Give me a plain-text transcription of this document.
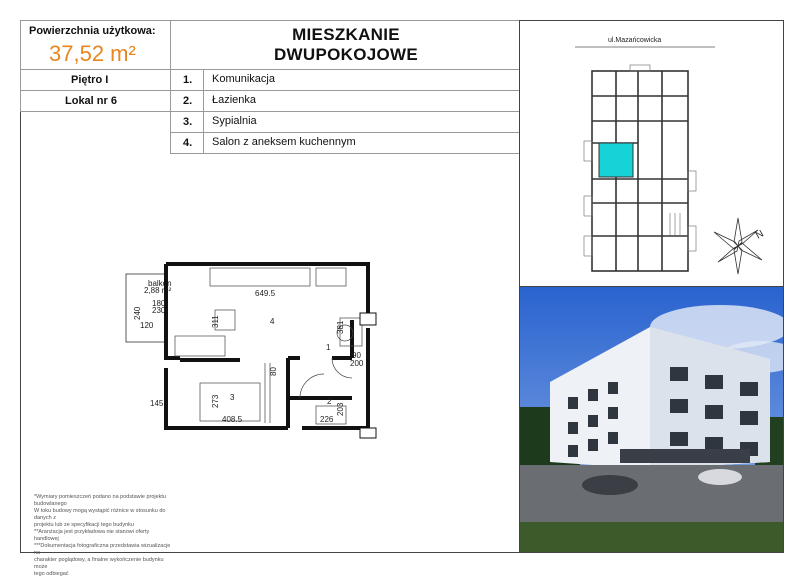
Powierzchnia użytkowa:
37,52 m²
Piętro I
Lokal nr 6
MIESZKANIE
DWUPOKOJOWE
1. Komunikacja
2. Łazienka
3. Sypialnia
4. Salon z aneksem kuchennym
ul.Mazańcowicka
N
balkon
2,88 m²	649.5
311	381
408.5
273
226
203
240
120
180
230
80
200
90
145
1
2
3
4
*Wymiary pomieszczeń podano na podstawie projektu budowlanego
W toku budowy mogą wystąpić różnice w stosunku do danych z
projektu lub ze specyfikacji tego budynku
**Aranżacja jest przykładowa nie stanowi oferty handlowej
***Dokumentacja fotograficzna przedstawia wizualizacje na
charakter poglądowy, a finalne wykończenie budynku może
tego odbiegać
